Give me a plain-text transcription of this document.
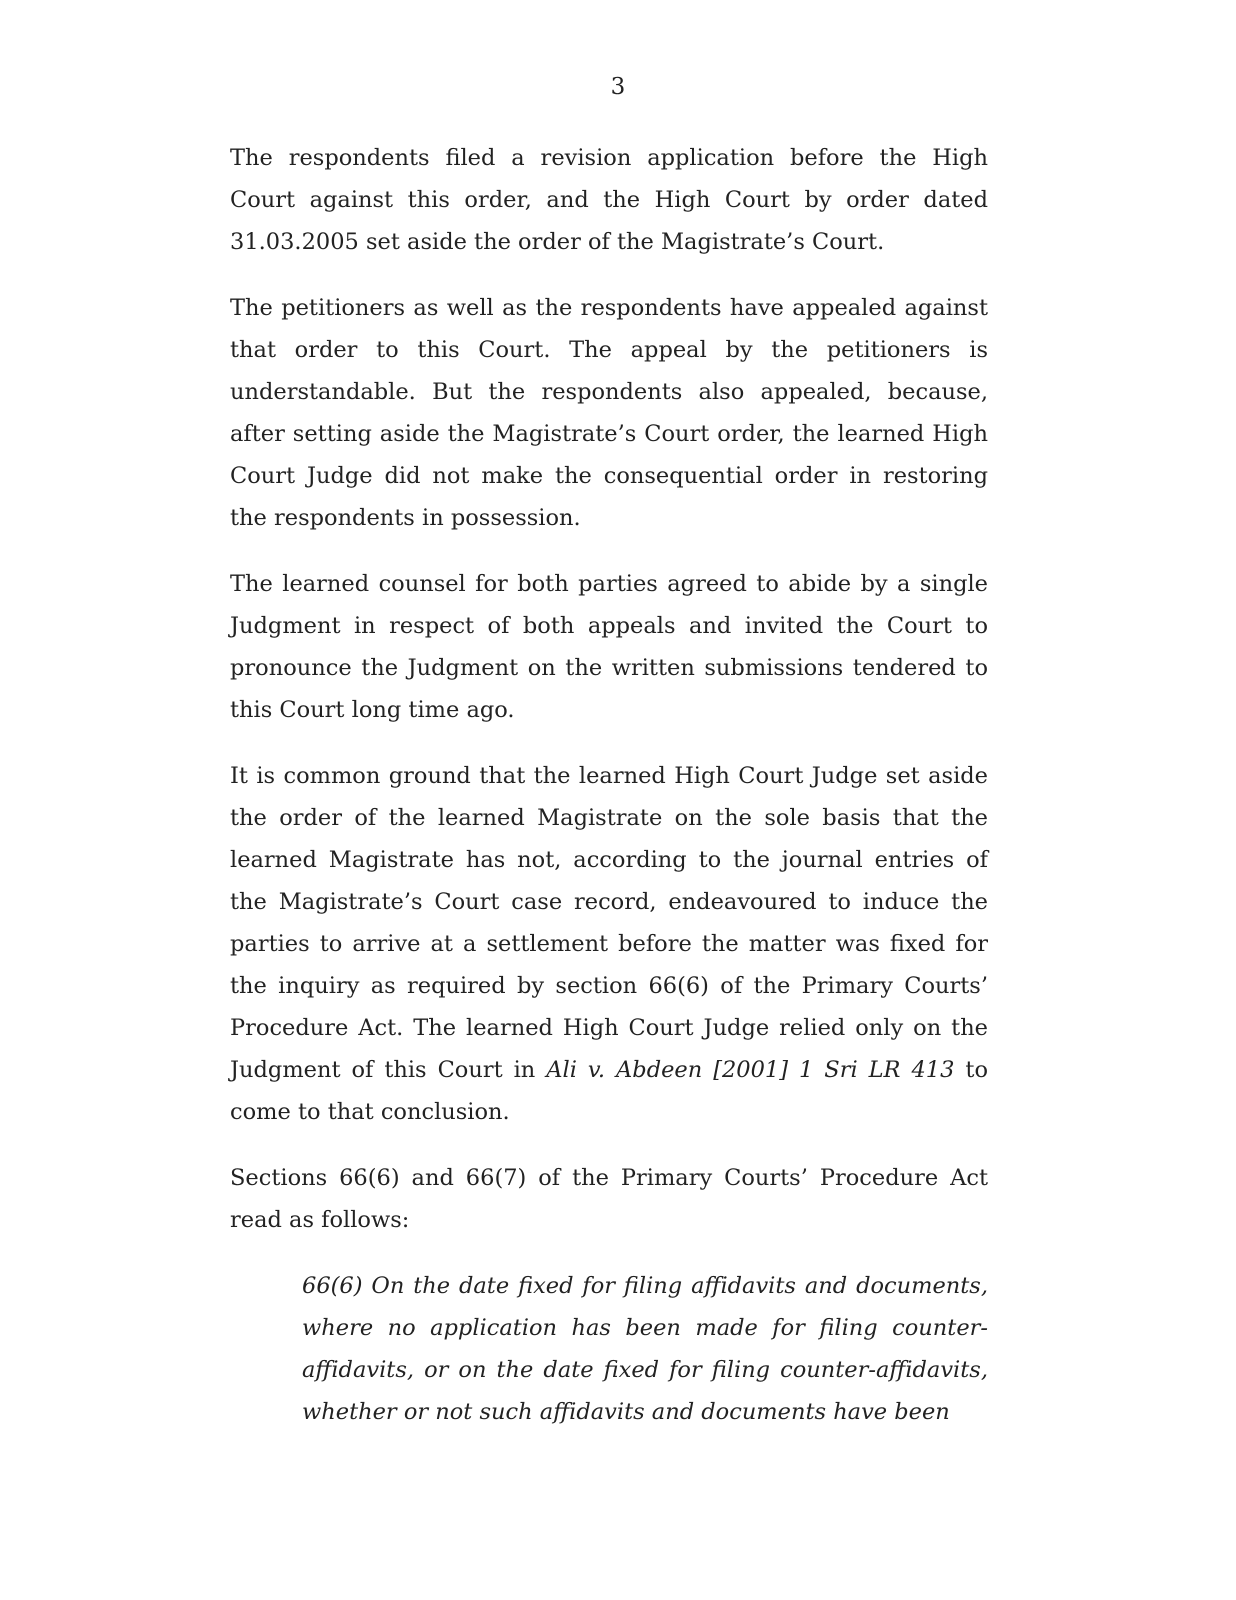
3

The respondents filed a revision application before the High Court against this order, and the High Court by order dated 31.03.2005 set aside the order of the Magistrate’s Court.

The petitioners as well as the respondents have appealed against that order to this Court. The appeal by the petitioners is understandable. But the respondents also appealed, because, after setting aside the Magistrate’s Court order, the learned High Court Judge did not make the consequential order in restoring the respondents in possession.

The learned counsel for both parties agreed to abide by a single Judgment in respect of both appeals and invited the Court to pronounce the Judgment on the written submissions tendered to this Court long time ago.

It is common ground that the learned High Court Judge set aside the order of the learned Magistrate on the sole basis that the learned Magistrate has not, according to the journal entries of the Magistrate’s Court case record, endeavoured to induce the parties to arrive at a settlement before the matter was fixed for the inquiry as required by section 66(6) of the Primary Courts’ Procedure Act. The learned High Court Judge relied only on the Judgment of this Court in Ali v. Abdeen [2001] 1 Sri LR 413 to come to that conclusion.

Sections 66(6) and 66(7) of the Primary Courts’ Procedure Act read as follows:

66(6) On the date fixed for filing affidavits and documents, where no application has been made for filing counter-affidavits, or on the date fixed for filing counter-affidavits, whether or not such affidavits and documents have been
